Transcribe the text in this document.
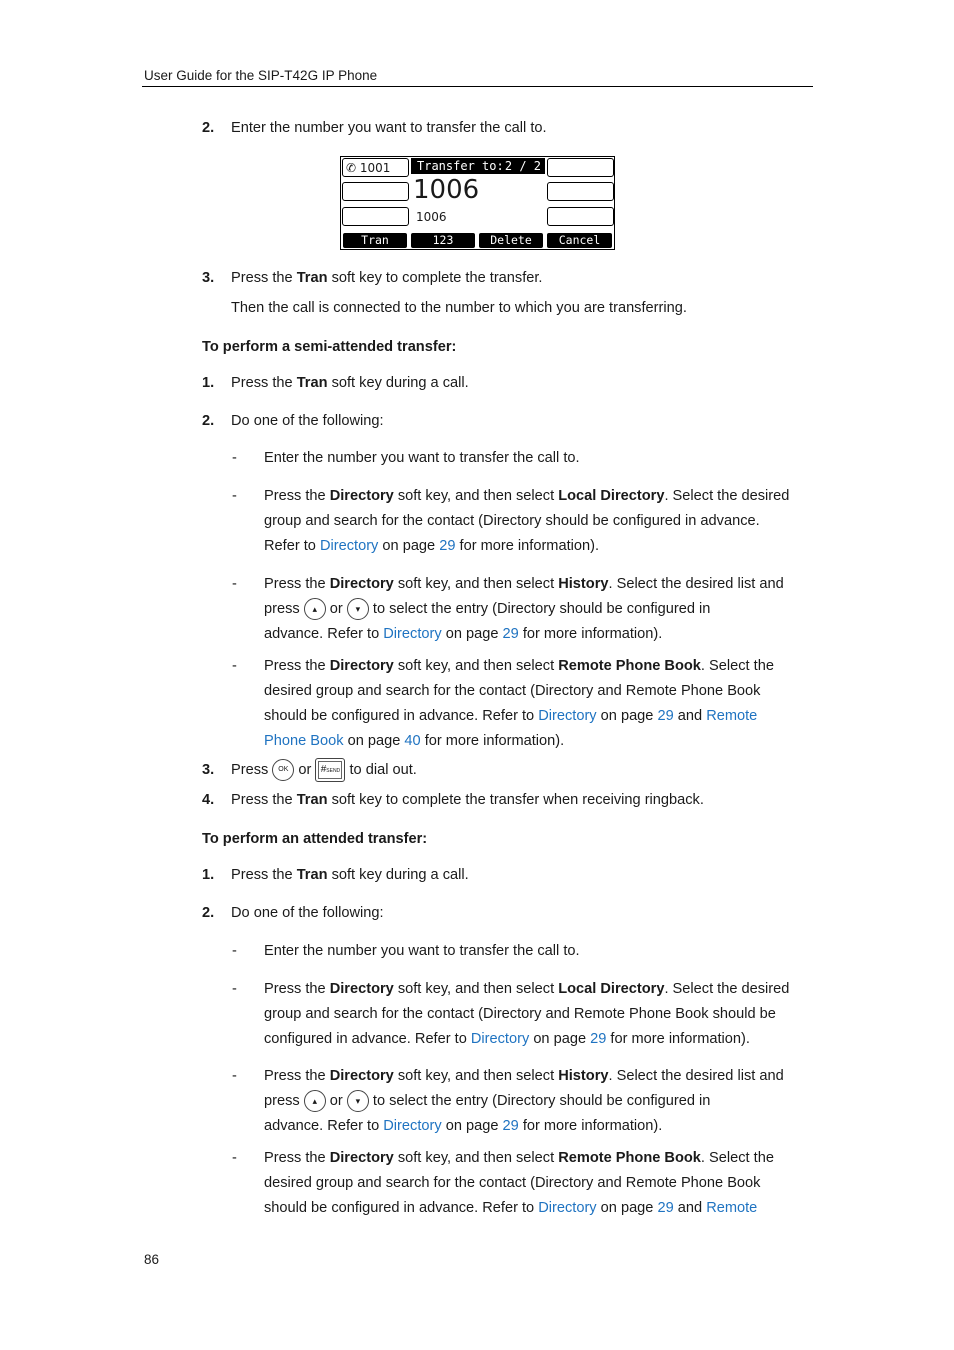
User Guide for the SIP-T42G IP Phone
2. Enter the number you want to transfer the call to.
✆ 1001	Transfer to: 2 / 2
1006
1006
Tran	123	Delete	Cancel
3. Press the Tran soft key to complete the transfer.
Then the call is connected to the number to which you are transferring.
To perform a semi-attended transfer:
1. Press the Tran soft key during a call.
2. Do one of the following:
- Enter the number you want to transfer the call to.
- Press the Directory soft key, and then select Local Directory. Select the desired
group and search for the contact (Directory should be configured in advance.
Refer to Directory on page 29 for more information).
- Press the Directory soft key, and then select History. Select the desired list and
press ▴ or ▾ to select the entry (Directory should be configured in
advance. Refer to Directory on page 29 for more information).
- Press the Directory soft key, and then select Remote Phone Book. Select the
desired group and search for the contact (Directory and Remote Phone Book
should be configured in advance. Refer to Directory on page 29 and Remote
Phone Book on page 40 for more information).
3. Press OK or #SEND to dial out.
4. Press the Tran soft key to complete the transfer when receiving ringback.
To perform an attended transfer:
1. Press the Tran soft key during a call.
2. Do one of the following:
- Enter the number you want to transfer the call to.
- Press the Directory soft key, and then select Local Directory. Select the desired
group and search for the contact (Directory and Remote Phone Book should be
configured in advance. Refer to Directory on page 29 for more information).
- Press the Directory soft key, and then select History. Select the desired list and
press ▴ or ▾ to select the entry (Directory should be configured in
advance. Refer to Directory on page 29 for more information).
- Press the Directory soft key, and then select Remote Phone Book. Select the
desired group and search for the contact (Directory and Remote Phone Book
should be configured in advance. Refer to Directory on page 29 and Remote
86
